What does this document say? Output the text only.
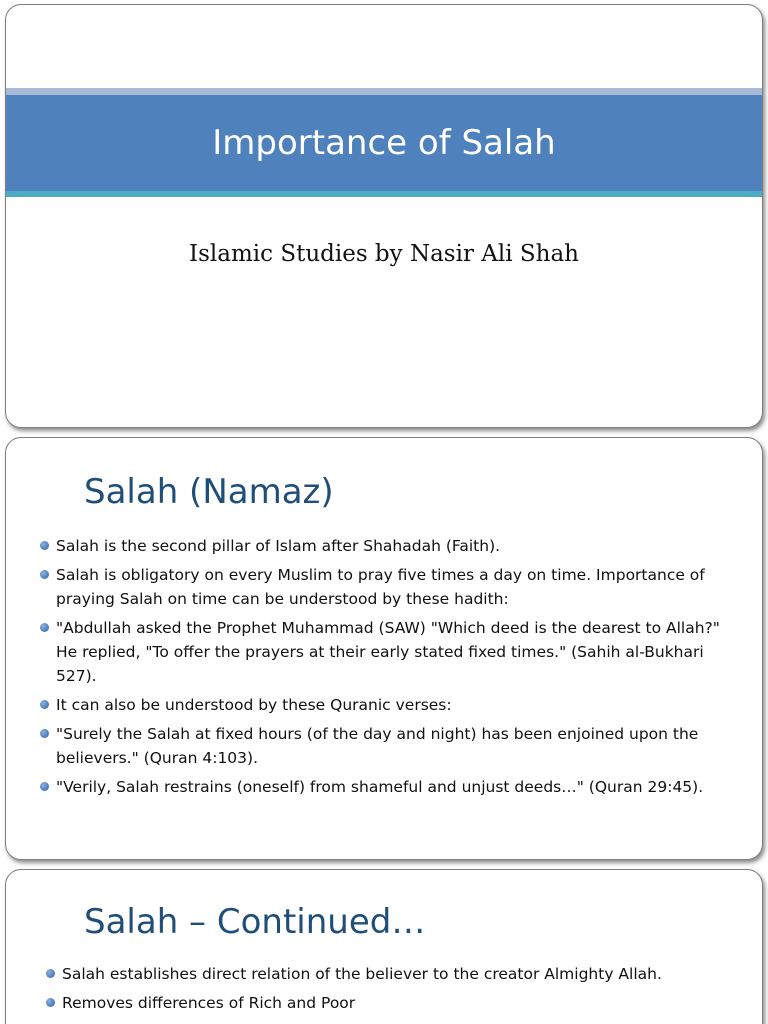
Importance of Salah
Islamic Studies by Nasir Ali Shah
Salah (Namaz)
Salah is the second pillar of Islam after Shahadah (Faith).
Salah is obligatory on every Muslim to pray five times a day on time. Importance of praying Salah on time can be understood by these hadith:
"Abdullah asked the Prophet Muhammad (SAW) "Which deed is the dearest to Allah?" He replied, "To offer the prayers at their early stated fixed times." (Sahih al-Bukhari 527).
It can also be understood by these Quranic verses:
"Surely the Salah at fixed hours (of the day and night) has been enjoined upon the believers." (Quran 4:103).
"Verily, Salah restrains (oneself) from shameful and unjust deeds…" (Quran 29:45).
Salah – Continued…
Salah establishes direct relation of the believer to the creator Almighty Allah.
Removes differences of Rich and Poor
